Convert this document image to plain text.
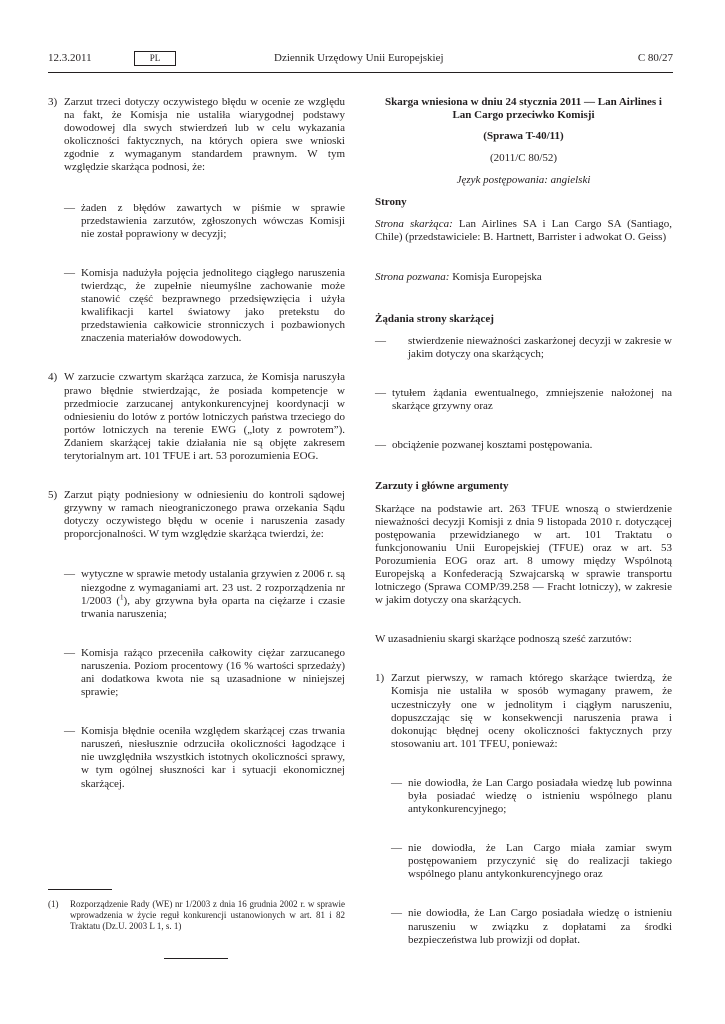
12.3.2011	PL	Dziennik Urzędowy Unii Europejskiej	C 80/27

3) Zarzut trzeci dotyczy oczywistego błędu w ocenie ze względu na fakt, że Komisja nie ustaliła wiarygodnej podstawy dowodowej dla swych stwierdzeń lub w celu wykazania okoliczności faktycznych, na których opiera swe wnioski zgodnie z wymaganym standardem prawnym. W tym względzie skarżąca podnosi, że:

— żaden z błędów zawartych w piśmie w sprawie przedstawienia zarzutów, zgłoszonych wówczas Komisji nie został poprawiony w decyzji;

— Komisja nadużyła pojęcia jednolitego ciągłego naruszenia twierdząc, że zupełnie nieumyślne zachowanie może stanowić część bezprawnego przedsięwzięcia i użyła kwalifikacji kartel światowy jako pretekstu do przedstawienia całkowicie stronniczych i pozbawionych znaczenia materiałów dowodowych.

4) W zarzucie czwartym skarżąca zarzuca, że Komisja naruszyła prawo błędnie stwierdzając, że posiada kompetencje w przedmiocie zarzucanej antykonkurencyjnej koordynacji w odniesieniu do lotów z portów lotniczych państwa trzeciego do portów lotniczych na terenie EWG („loty z powrotem”). Zdaniem skarżącej takie działania nie są objęte zakresem terytorialnym art. 101 TFUE i art. 53 porozumienia EOG.

5) Zarzut piąty podniesiony w odniesieniu do kontroli sądowej grzywny w ramach nieograniczonego prawa orzekania Sądu dotyczy oczywistego błędu w ocenie i naruszenia zasady proporcjonalności. W tym względzie skarżąca twierdzi, że:

— wytyczne w sprawie metody ustalania grzywien z 2006 r. są niezgodne z wymaganiami art. 23 ust. 2 rozporządzenia nr 1/2003 ($^1$), aby grzywna była oparta na ciężarze i czasie trwania naruszenia;

— Komisja rażąco przeceniła całkowity ciężar zarzucanego naruszenia. Poziom procentowy (16 % wartości sprzedaży) ani dodatkowa kwota nie są uzasadnione w niniejszej sprawie;

— Komisja błędnie oceniła względem skarżącej czas trwania naruszeń, niesłusznie odrzuciła okoliczności łagodzące i nie uwzględniła wszystkich istotnych okoliczności sprawy, w tym ogólnej słuszności kar i sytuacji ekonomicznej skarżącej.

(1)	Rozporządzenie Rady (WE) nr 1/2003 z dnia 16 grudnia 2002 r. w sprawie wprowadzenia w życie reguł konkurencji ustanowionych w art. 81 i 82 Traktatu (Dz.U. 2003 L 1, s. 1)

Skarga wniesiona w dniu 24 stycznia 2011 — Lan Airlines i Lan Cargo przeciwko Komisji

(Sprawa T-40/11)

(2011/C 80/52)

Język postępowania: angielski

Strony

Strona skarżąca: Lan Airlines SA i Lan Cargo SA (Santiago, Chile) (przedstawiciele: B. Hartnett, Barrister i adwokat O. Geiss)

Strona pozwana: Komisja Europejska

Żądania strony skarżącej

— stwierdzenie nieważności zaskarżonej decyzji w zakresie w jakim dotyczy ona skarżących;

— tytułem żądania ewentualnego, zmniejszenie nałożonej na skarżące grzywny oraz

— obciążenie pozwanej kosztami postępowania.

Zarzuty i główne argumenty

Skarżące na podstawie art. 263 TFUE wnoszą o stwierdzenie nieważności decyzji Komisji z dnia 9 listopada 2010 r. dotyczącej postępowania przewidzianego w art. 101 Traktatu o funkcjonowaniu Unii Europejskiej (TFUE) oraz w art. 53 Porozumienia EOG oraz art. 8 umowy między Wspólnotą Europejską a Konfederacją Szwajcarską w sprawie transportu lotniczego (Sprawa COMP/39.258 — Fracht lotniczy), w zakresie w jakim dotyczy ona skarżących.

W uzasadnieniu skargi skarżące podnoszą sześć zarzutów:

1) Zarzut pierwszy, w ramach którego skarżące twierdzą, że Komisja nie ustaliła w sposób wymagany prawem, że uczestniczyły one w jednolitym i ciągłym naruszeniu, dopuszczając się w konsekwencji naruszenia prawa i dokonując błędnej oceny okoliczności faktycznych przy stosowaniu art. 101 TFEU, ponieważ:

— nie dowiodła, że Lan Cargo posiadała wiedzę lub powinna była posiadać wiedzę o istnieniu wspólnego planu antykonkurencyjnego;

— nie dowiodła, że Lan Cargo miała zamiar swym postępowaniem przyczynić się do realizacji takiego wspólnego planu antykonkurencyjnego oraz

— nie dowiodła, że Lan Cargo posiadała wiedzę o istnieniu naruszeniu w związku z dopłatami za środki bezpieczeństwa lub prowizji od dopłat.
